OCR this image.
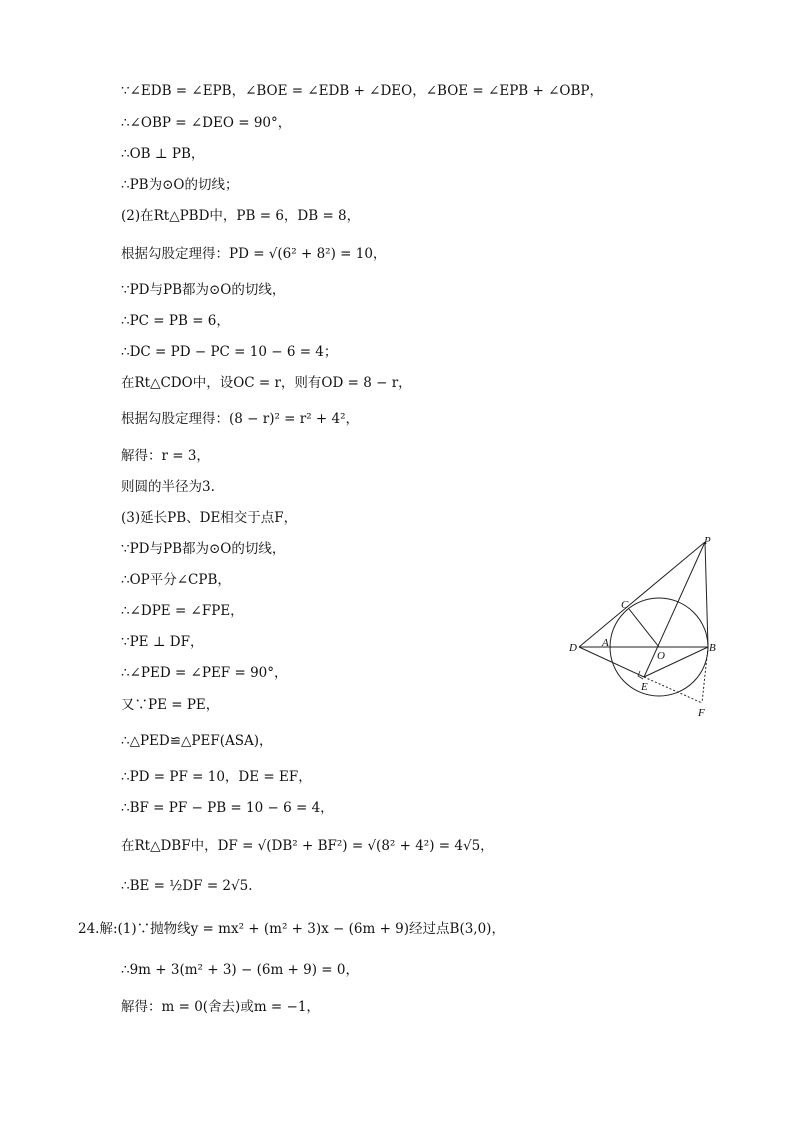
∵∠EDB = ∠EPB，∠BOE = ∠EDB + ∠DEO，∠BOE = ∠EPB + ∠OBP，
∴∠OBP = ∠DEO = 90°，
∴OB ⊥ PB，
∴PB为⊙O的切线；
(2)在Rt△PBD中，PB = 6，DB = 8，
根据勾股定理得：PD = √(6² + 8²) = 10，
∵PD与PB都为⊙O的切线，
∴PC = PB = 6，
∴DC = PD − PC = 10 − 6 = 4；
在Rt△CDO中，设OC = r，则有OD = 8 − r，
根据勾股定理得：(8 − r)² = r² + 4²，
解得：r = 3，
则圆的半径为3.
(3)延长PB、DE相交于点F，
∵PD与PB都为⊙O的切线，
∴OP平分∠CPB，
∴∠DPE = ∠FPE，
∵PE ⊥ DF，
∴∠PED = ∠PEF = 90°，
又∵PE = PE，
∴△PED≌△PEF(ASA)，
∴PD = PF = 10，DE = EF，
∴BF = PF − PB = 10 − 6 = 4，
在Rt△DBF中，DF = √(DB² + BF²) = √(8² + 4²) = 4√5，
∴BE = ½DF = 2√5.
24.解:(1)∵抛物线y = mx² + (m² + 3)x − (6m + 9)经过点B(3,0)，
∴9m + 3(m² + 3) − (6m + 9) = 0，
解得：m = 0(舍去)或m = −1，
P
C
D A
O
B
E
F
